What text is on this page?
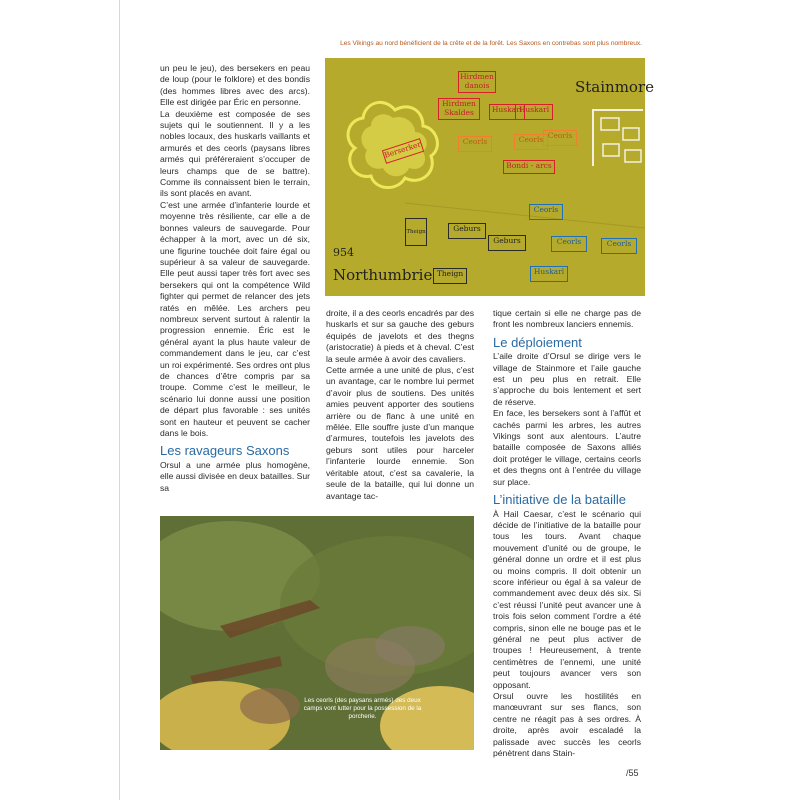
Les Vikings au nord bénéficient de la crête et de la forêt. Les Saxons en contrebas sont plus nombreux.
Stainmore
954
Northumbrie
Hirdmen danois
Hirdmen Skaldes
Berserker
Huskarl
Huskarl
Ceorls	Ceorls Ceorls
Bondi - arcs
Ceorls
Ceorls	Ceorls
Geburs
Geburs
Theign
Theign	Huskarl

un peu le jeu), des bersekers en peau de loup (pour le folklore) et des bondis (des hommes libres avec des arcs). Elle est dirigée par Éric en personne.

La deuxième est composée de ses sujets qui le soutiennent. Il y a les nobles locaux, des huskarls vaillants et armurés et des ceorls (paysans libres armés qui préféreraient s’occuper de leurs champs que de se battre). Comme ils connaissent bien le terrain, ils sont placés en avant.

C’est une armée d’infanterie lourde et moyenne très résiliente, car elle a de bonnes valeurs de sauvegarde. Pour échapper à la mort, avec un dé six, une figurine touchée doit faire égal ou supérieur à sa valeur de sauvegarde. Elle peut aussi taper très fort avec ses bersekers qui ont la compétence Wild fighter qui permet de relancer des jets ratés en mêlée. Les archers peu nombreux servent surtout à ralentir la progression ennemie. Éric est le général ayant la plus haute valeur de commandement dans le jeu, car c’est un roi expérimenté. Ses ordres ont plus de chances d’être compris par sa troupe. Comme c’est le meilleur, le scénario lui donne aussi une position de départ plus favorable : ses unités sont en hauteur et peuvent se cacher dans le bois.

Les ravageurs Saxons

Orsul a une armée plus homogène, elle aussi divisée en deux batailles. Sur sa

droite, il a des ceorls encadrés par des huskarls et sur sa gauche des geburs équipés de javelots et des thegns (aristocratie) à pieds et à cheval. C’est la seule armée à avoir des cavaliers.

Cette armée a une unité de plus, c’est un avantage, car le nombre lui permet d’avoir plus de soutiens. Des unités amies peuvent apporter des soutiens arrière ou de flanc à une unité en mêlée. Elle souffre juste d’un manque d’armures, toutefois les javelots des geburs sont utiles pour harceler l’infanterie lourde ennemie. Son véritable atout, c’est sa cavalerie, la seule de la bataille, qui lui donne un avantage tac-

tique certain si elle ne charge pas de front les nombreux lanciers ennemis.

Le déploiement

L’aile droite d’Orsul se dirige vers le village de Stainmore et l’aile gauche est un peu plus en retrait. Elle s’approche du bois lentement et sert de réserve.

En face, les bersekers sont à l’affût et cachés parmi les arbres, les autres Vikings sont aux alentours. L’autre bataille composée de Saxons alliés doit protéger le village, certains ceorls et des thegns ont à l’entrée du village sur place.

L’initiative de la bataille

À Hail Caesar, c’est le scénario qui décide de l’initiative de la bataille pour tous les tours. Avant chaque mouvement d’unité ou de groupe, le général donne un ordre et il est plus ou moins compris. Il doit obtenir un score inférieur ou égal à sa valeur de commandement avec deux dés six. Si c’est réussi l’unité peut avancer une à trois fois selon comment l’ordre a été compris, sinon elle ne bouge pas et le général ne peut plus activer de troupes ! Heureusement, à trente centimètres de l’ennemi, une unité peut toujours avancer vers son opposant.

Orsul ouvre les hostilités en manœuvrant sur ses flancs, son centre ne réagit pas à ses ordres. À droite, après avoir escaladé la palissade avec succès les ceorls pénètrent dans Stain-

Les ceorls (des paysans armés) des deux camps vont lutter pour la possession de la porcherie.
/55
